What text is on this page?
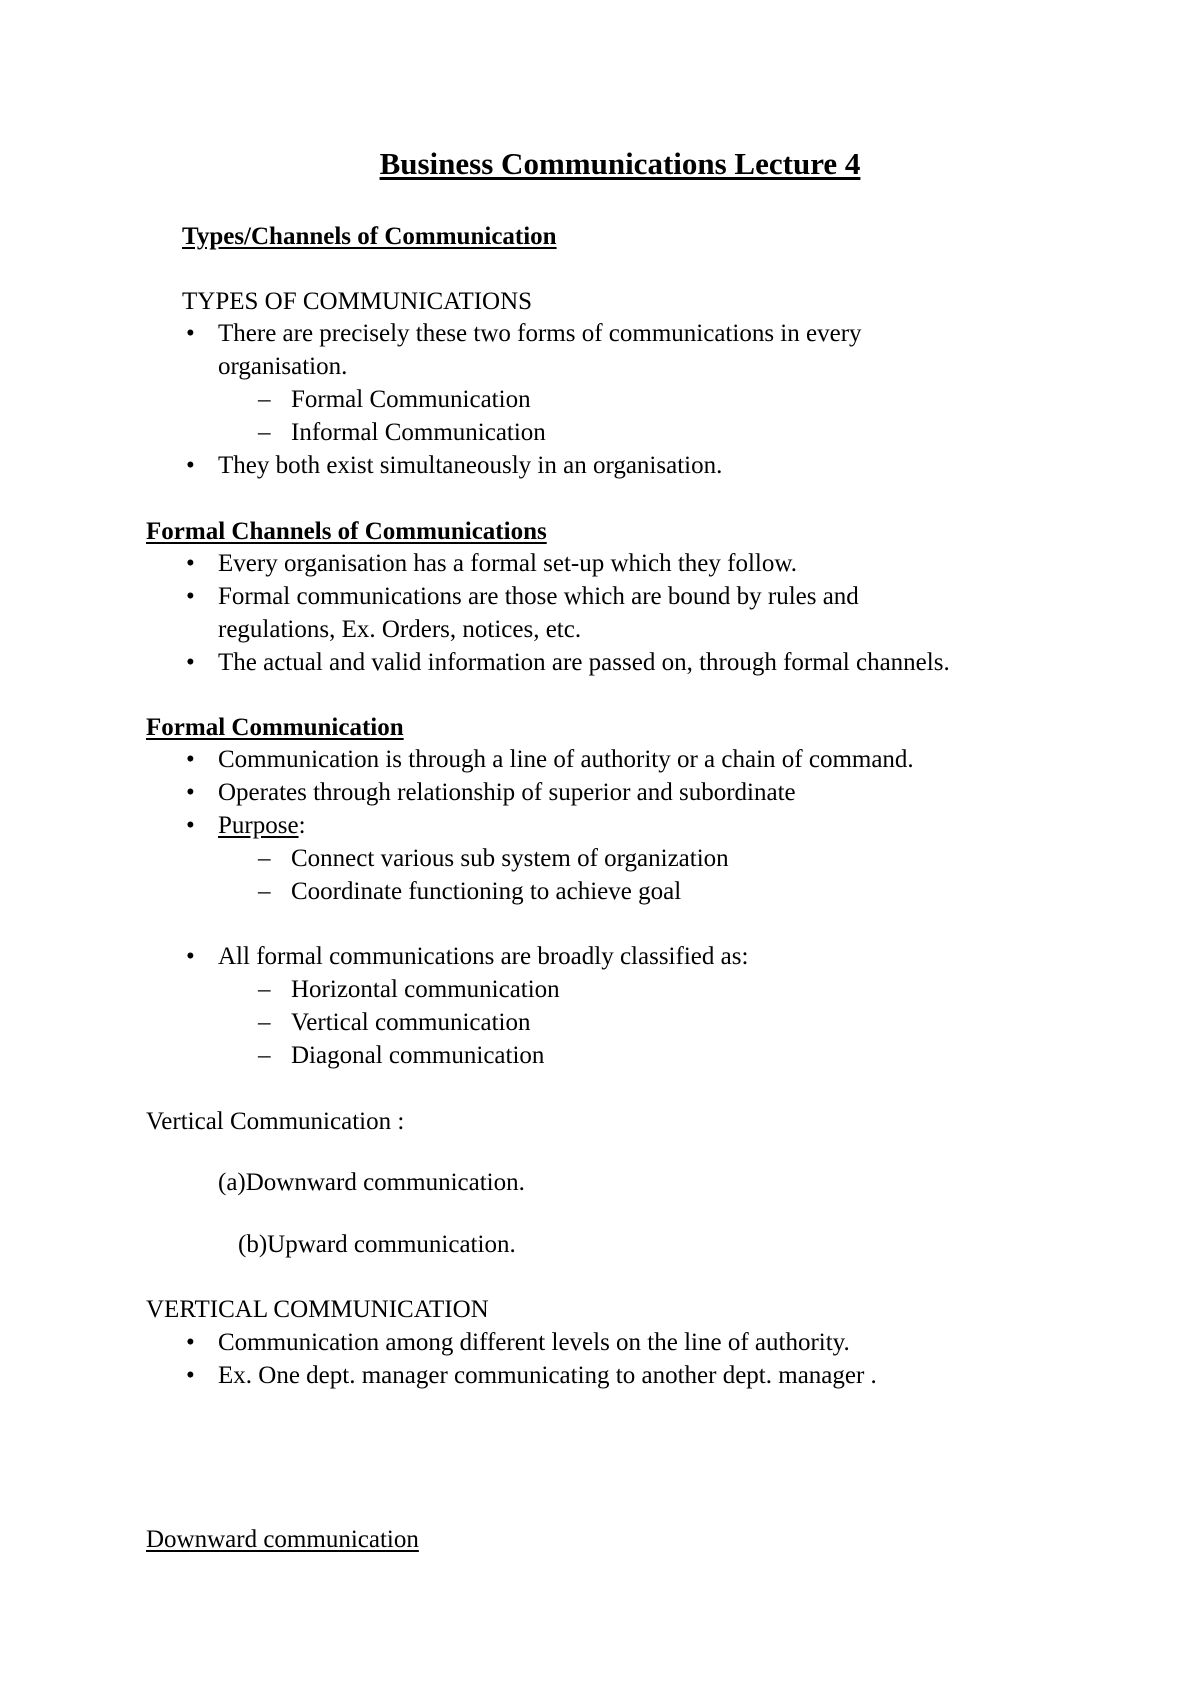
Business Communications Lecture 4
Types/Channels of Communication
TYPES OF COMMUNICATIONS
• There are precisely these two forms of communications in every
organisation.
– Formal Communication
– Informal Communication
• They both exist simultaneously in an organisation.
Formal Channels of Communications
• Every organisation has a formal set-up which they follow.
• Formal communications are those which are bound by rules and
regulations, Ex. Orders, notices, etc.
• The actual and valid information are passed on, through formal channels.
Formal Communication
• Communication is through a line of authority or a chain of command.
• Operates through relationship of superior and subordinate
• Purpose:
– Connect various sub system of organization
– Coordinate functioning to achieve goal
• All formal communications are broadly classified as:
– Horizontal communication
– Vertical communication
– Diagonal communication
Vertical Communication :
(a)Downward communication.
(b)Upward communication.
VERTICAL COMMUNICATION
• Communication among different levels on the line of authority.
• Ex. One dept. manager communicating to another dept. manager .
Downward communication
